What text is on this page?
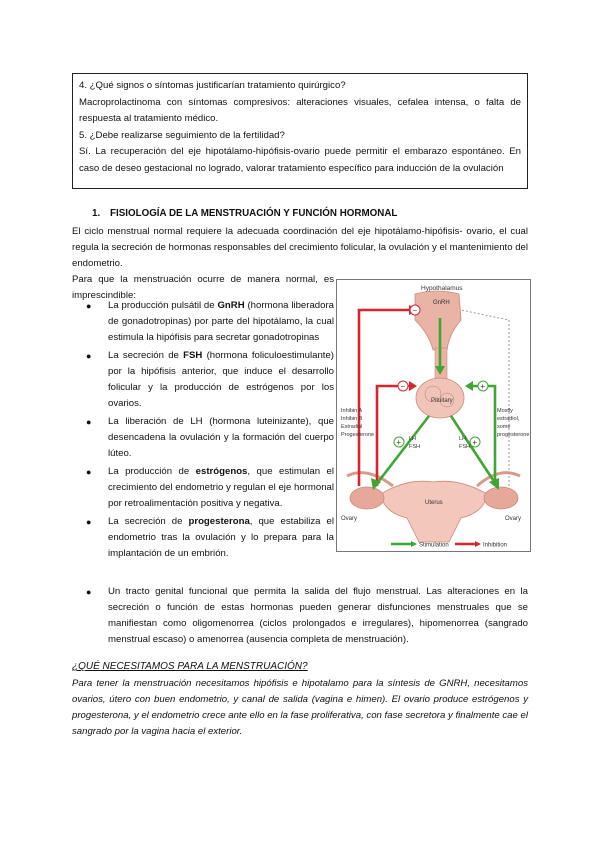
4. ¿Qué signos o síntomas justificarían tratamiento quirúrgico?

Macroprolactinoma con síntomas compresivos: alteraciones visuales, cefalea intensa, o falta de respuesta al tratamiento médico.

5. ¿Debe realizarse seguimiento de la fertilidad?

Sí. La recuperación del eje hipotálamo-hipófisis-ovario puede permitir el embarazo espontáneo. En caso de deseo gestacional no logrado, valorar tratamiento específico para inducción de la ovulación

1. FISIOLOGÍA DE LA MENSTRUACIÓN Y FUNCIÓN HORMONAL

El ciclo menstrual normal requiere la adecuada coordinación del eje hipotálamo-hipófisis- ovario, el cual regula la secreción de hormonas responsables del crecimiento folicular, la ovulación y el mantenimiento del endometrio.

Para que la menstruación ocurre de manera normal, es imprescindible:

● La producción pulsátil de GnRH (hormona liberadora de gonadotropinas) por parte del hipotálamo, la cual estimula la hipófisis para secretar gonadotropinas
● La secreción de FSH (hormona foliculoestimulante) por la hipófisis anterior, que induce el desarrollo folicular y la producción de estrógenos por los ovarios.
● La liberación de LH (hormona luteinizante), que desencadena la ovulación y la formación del cuerpo lúteo.
● La producción de estrógenos, que estimulan el crecimiento del endometrio y regulan el eje hormonal por retroalimentación positiva y negativa.
● La secreción de progesterona, que estabiliza el endometrio tras la ovulación y lo prepara para la implantación de un embrión.

● Un tracto genital funcional que permita la salida del flujo menstrual. Las alteraciones en la secreción o función de estas hormonas pueden generar disfunciones menstruales que se manifiestan como oligomenorrea (ciclos prolongados e irregulares), hipomenorrea (sangrado menstrual escaso) o amenorrea (ausencia completa de menstruación).

−
−	+
+	+
Hypothalamus
GnRH
Pituitary
Inhibin A
Inhibin B
Estradiol
Progesterone
Mostly
estradiol,
some
progesterone
LH
FSH
LH
FSH
Uterus
Ovary	Ovary
Stimulation	Inhibition
¿QUÉ NECESITAMOS PARA LA MENSTRUACIÓN?

Para tener la menstruación necesitamos hipófisis e hipotalamo para la síntesis de GNRH, necesitamos ovarios, útero con buen endometrio, y canal de salida (vagina e himen). El ovario produce estrógenos y progesterona, y el endometrio crece ante ello en la fase proliferativa, con fase secretora y finalmente cae el sangrado por la vagina hacia el exterior.
